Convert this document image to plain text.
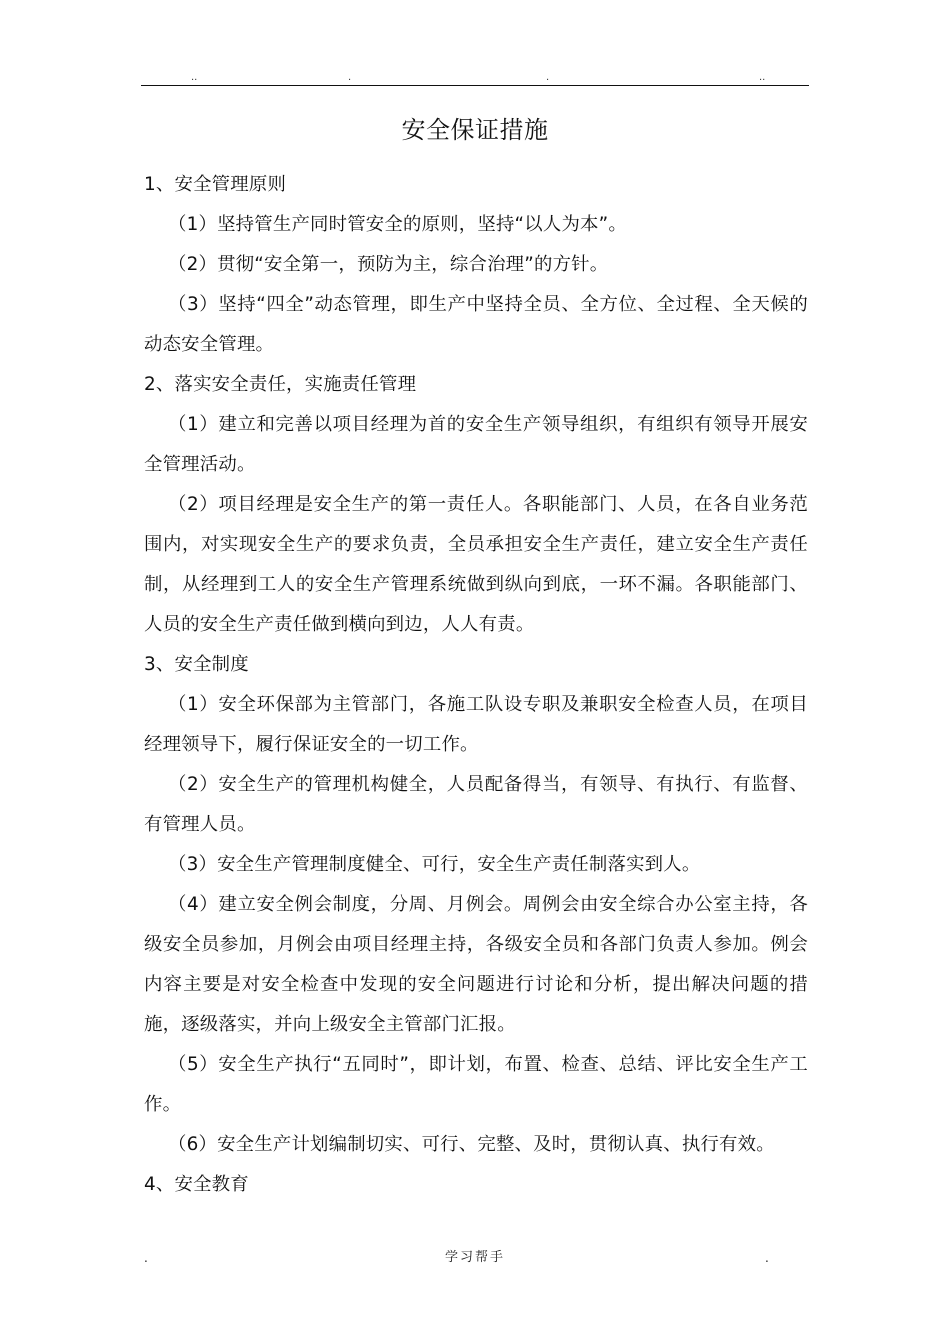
..	.	.	..
安全保证措施

1、安全管理原则

（1）坚持管生产同时管安全的原则，坚持“以人为本”。

（2）贯彻“安全第一，预防为主，综合治理”的方针。

（3）坚持“四全”动态管理，即生产中坚持全员、全方位、全过程、全天候的动态安全管理。

2、落实安全责任，实施责任管理

（1）建立和完善以项目经理为首的安全生产领导组织，有组织有领导开展安全管理活动。

（2）项目经理是安全生产的第一责任人。各职能部门、人员，在各自业务范围内，对实现安全生产的要求负责，全员承担安全生产责任，建立安全生产责任制，从经理到工人的安全生产管理系统做到纵向到底，一环不漏。各职能部门、人员的安全生产责任做到横向到边，人人有责。

3、安全制度

（1）安全环保部为主管部门，各施工队设专职及兼职安全检查人员，在项目经理领导下，履行保证安全的一切工作。

（2）安全生产的管理机构健全，人员配备得当，有领导、有执行、有监督、有管理人员。

（3）安全生产管理制度健全、可行，安全生产责任制落实到人。

（4）建立安全例会制度，分周、月例会。周例会由安全综合办公室主持，各级安全员参加，月例会由项目经理主持，各级安全员和各部门负责人参加。例会内容主要是对安全检查中发现的安全问题进行讨论和分析，提出解决问题的措施，逐级落实，并向上级安全主管部门汇报。

（5）安全生产执行“五同时”，即计划，布置、检查、总结、评比安全生产工作。

（6）安全生产计划编制切实、可行、完整、及时，贯彻认真、执行有效。

4、安全教育

.	学习帮手	.
